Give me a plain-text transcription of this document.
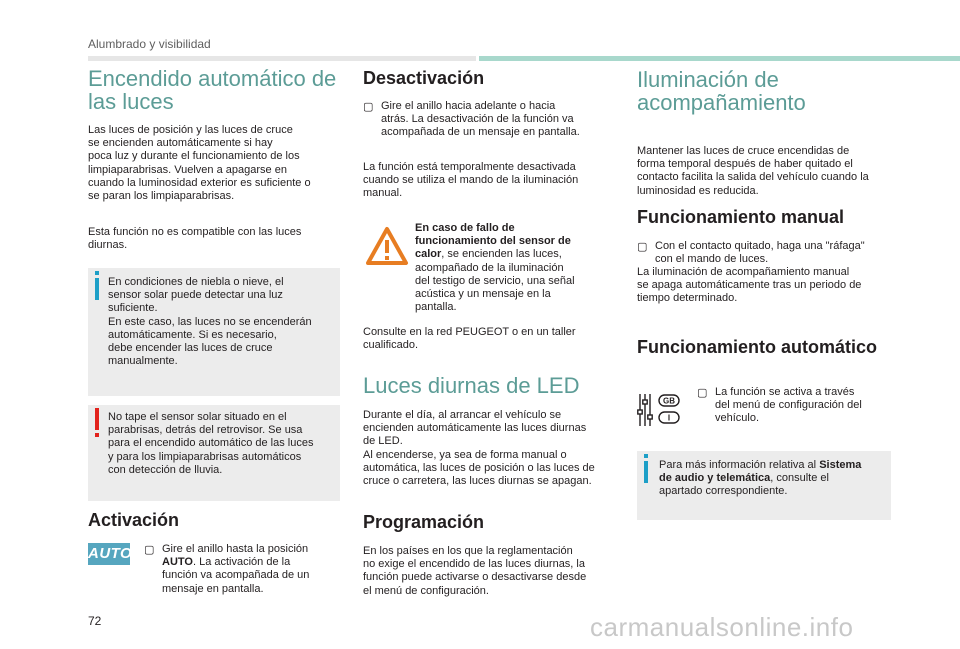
Alumbrado y visibilidad
Encendido automático de
las luces
Las luces de posición y las luces de cruce
se encienden automáticamente si hay
poca luz y durante el funcionamiento de los
limpiaparabrisas. Vuelven a apagarse en
cuando la luminosidad exterior es suficiente o
se paran los limpiaparabrisas.
Esta función no es compatible con las luces
diurnas.
En condiciones de niebla o nieve, el
sensor solar puede detectar una luz
suficiente.
En este caso, las luces no se encenderán
automáticamente. Si es necesario,
debe encender las luces de cruce
manualmente.
No tape el sensor solar situado en el
parabrisas, detrás del retrovisor. Se usa
para el encendido automático de las luces
y para los limpiaparabrisas automáticos
con detección de lluvia.
Activación
AUTO ▢ Gire el anillo hasta la posición
AUTO. La activación de la
función va acompañada de un
mensaje en pantalla.
Desactivación
▢ Gire el anillo hacia adelante o hacia
atrás. La desactivación de la función va
acompañada de un mensaje en pantalla.
La función está temporalmente desactivada
cuando se utiliza el mando de la iluminación
manual.
En caso de fallo de
funcionamiento del sensor de
calor, se encienden las luces,
acompañado de la iluminación
del testigo de servicio, una señal
acústica y un mensaje en la
pantalla.
Consulte en la red PEUGEOT o en un taller
cualificado.
Luces diurnas de LED
Durante el día, al arrancar el vehículo se
encienden automáticamente las luces diurnas
de LED.
Al encenderse, ya sea de forma manual o
automática, las luces de posición o las luces de
cruce o carretera, las luces diurnas se apagan.
Programación
En los países en los que la reglamentación
no exige el encendido de las luces diurnas, la
función puede activarse o desactivarse desde
el menú de configuración.
Iluminación de
acompañamiento
Mantener las luces de cruce encendidas de
forma temporal después de haber quitado el
contacto facilita la salida del vehículo cuando la
luminosidad es reducida.
Funcionamiento manual
▢ Con el contacto quitado, haga una "ráfaga"
con el mando de luces.
La iluminación de acompañamiento manual
se apaga automáticamente tras un periodo de
tiempo determinado.
Funcionamiento automático
GB
I
▢ La función se activa a través
del menú de configuración del
vehículo.
Para más información relativa al Sistema
de audio y telemática, consulte el
apartado correspondiente.
72	carmanualsonline.info
